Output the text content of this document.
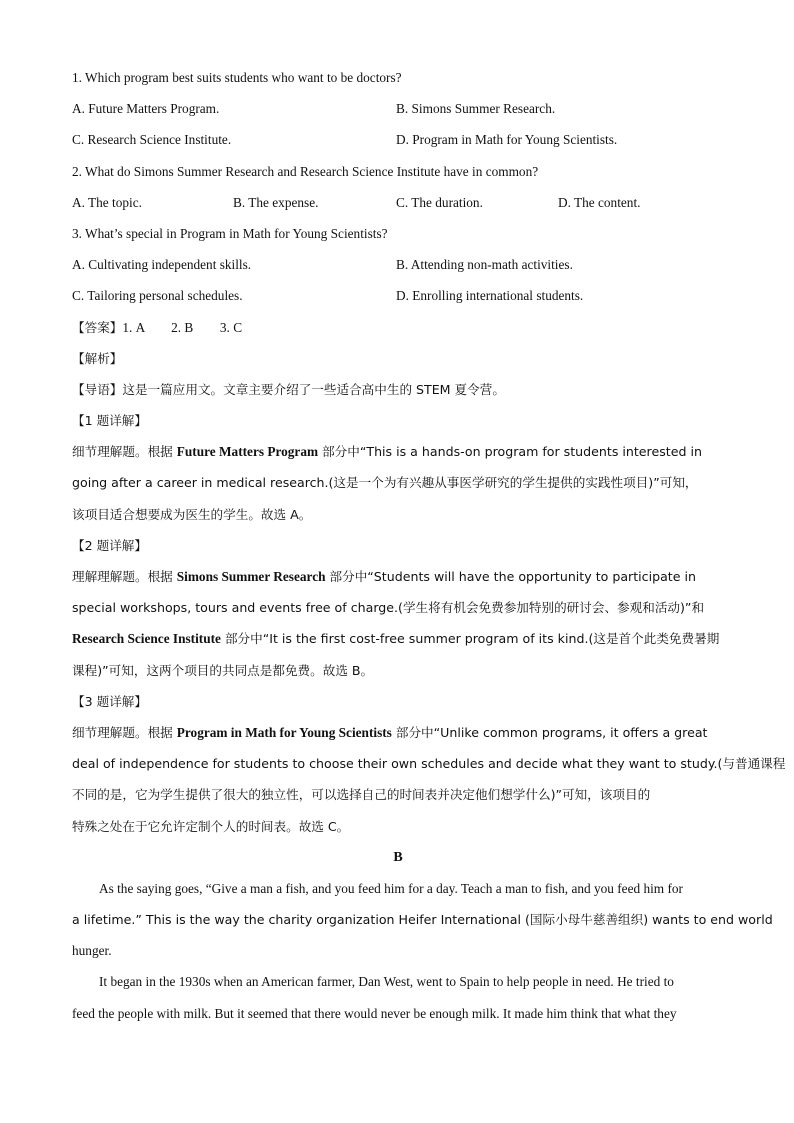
1. Which program best suits students who want to be doctors?
A. Future Matters Program.	B. Simons Summer Research.
C. Research Science Institute.	D. Program in Math for Young Scientists.
2. What do Simons Summer Research and Research Science Institute have in common?
A. The topic.	B. The expense.	C. The duration.	D. The content.
3. What’s special in Program in Math for Young Scientists?
A. Cultivating independent skills.	B. Attending non-math activities.
C. Tailoring personal schedules.	D. Enrolling international students.
【答案】1. A        2. B        3. C
【解析】
【导语】这是一篇应用文。文章主要介绍了一些适合高中生的 STEM 夏令营。
【1 题详解】
细节理解题。根据 Future Matters Program 部分中“This is a hands-on program for students interested in
going after a career in medical research.(这是一个为有兴趣从事医学研究的学生提供的实践性项目)”可知，
该项目适合想要成为医生的学生。故选 A。
【2 题详解】
理解理解题。根据 Simons Summer Research 部分中“Students will have the opportunity to participate in
special workshops, tours and events free of charge.(学生将有机会免费参加特别的研讨会、参观和活动)”和
Research Science Institute 部分中“It is the first cost-free summer program of its kind.(这是首个此类免费暑期
课程)”可知，这两个项目的共同点是都免费。故选 B。
【3 题详解】
细节理解题。根据 Program in Math for Young Scientists 部分中“Unlike common programs, it offers a great
deal of independence for students to choose their own schedules and decide what they want to study.(与普通课程
不同的是，它为学生提供了很大的独立性，可以选择自己的时间表并决定他们想学什么)”可知，该项目的
特殊之处在于它允许定制个人的时间表。故选 C。
B
As the saying goes, “Give a man a fish, and you feed him for a day. Teach a man to fish, and you feed him for
a lifetime.” This is the way the charity organization Heifer International (国际小母牛慈善组织) wants to end world
hunger.
It began in the 1930s when an American farmer, Dan West, went to Spain to help people in need. He tried to
feed the people with milk. But it seemed that there would never be enough milk. It made him think that what they
